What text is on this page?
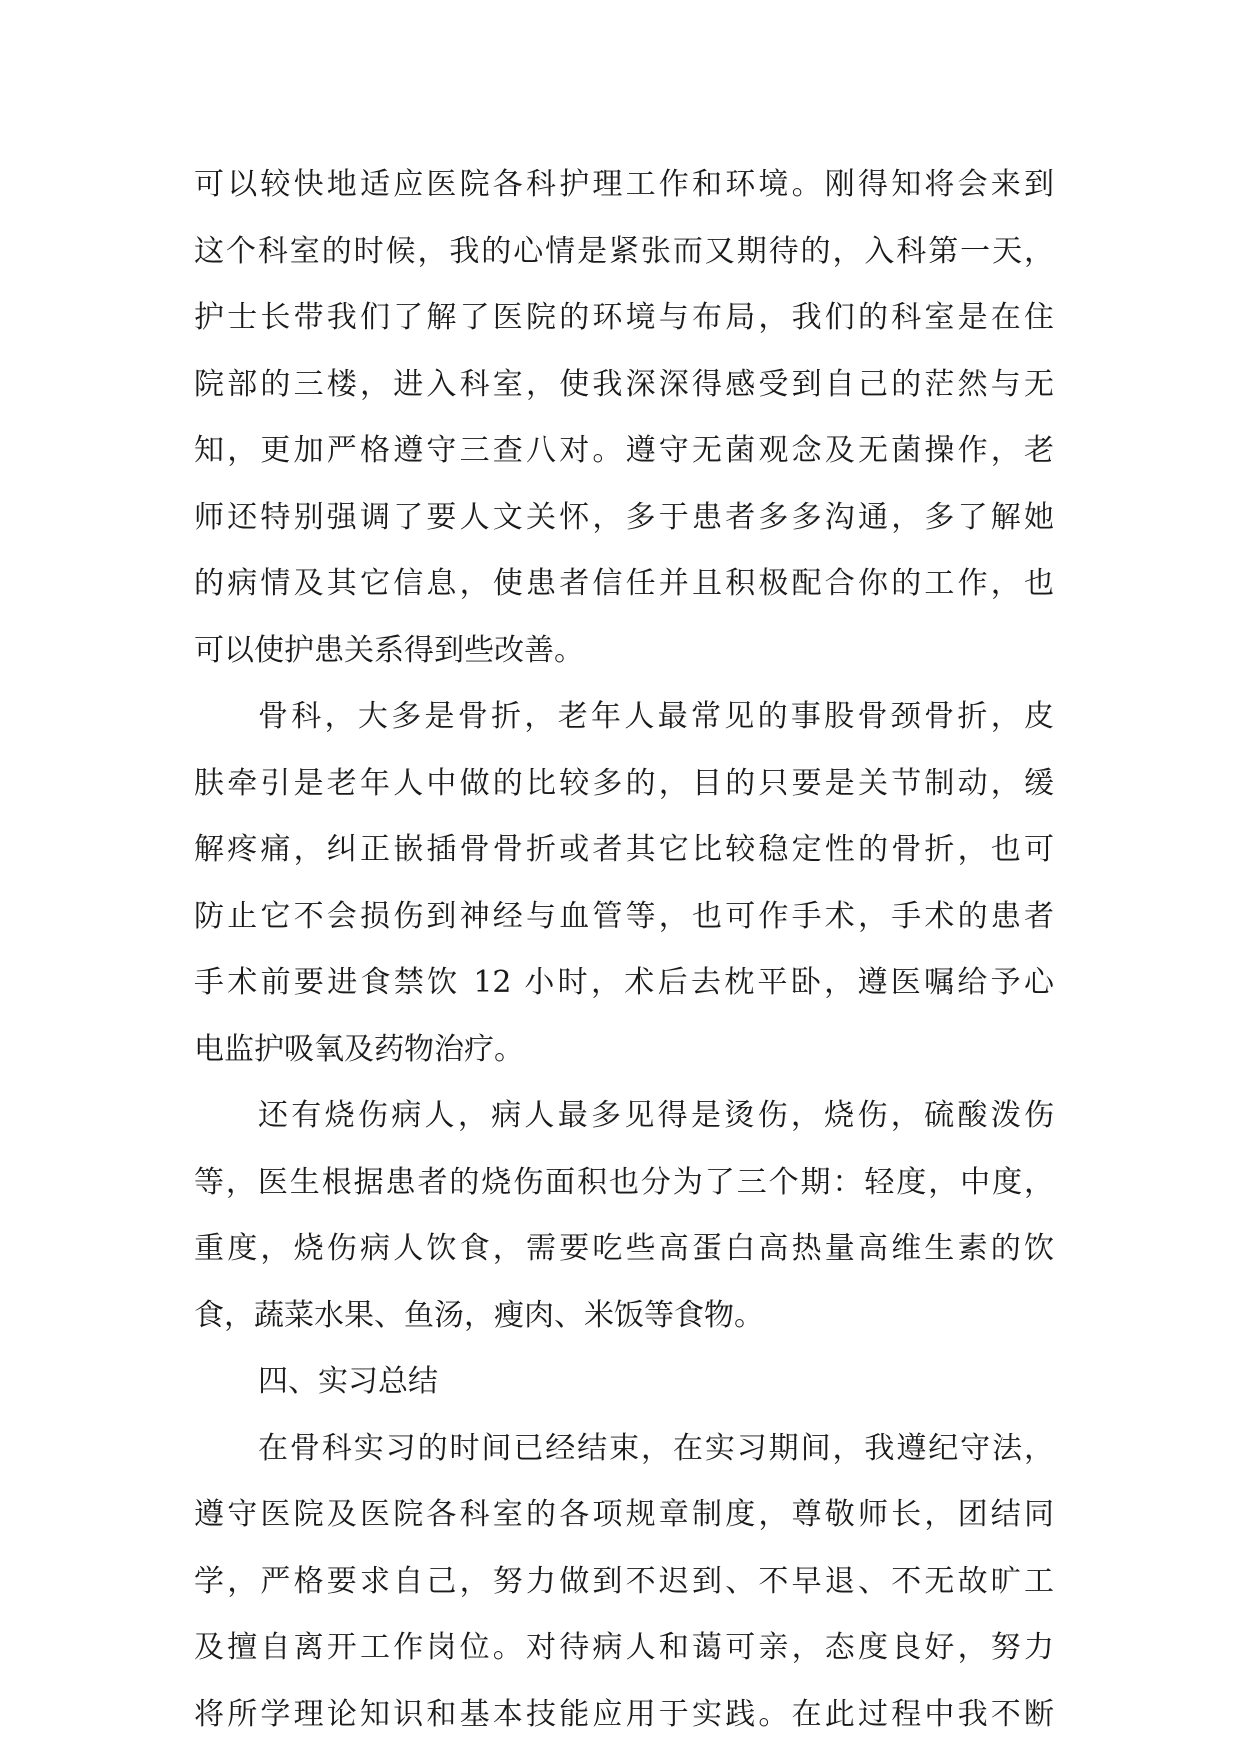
可以较快地适应医院各科护理工作和环境。刚得知将会来到
这个科室的时候，我的心情是紧张而又期待的，入科第一天，
护士长带我们了解了医院的环境与布局，我们的科室是在住
院部的三楼，进入科室，使我深深得感受到自己的茫然与无
知，更加严格遵守三查八对。遵守无菌观念及无菌操作，老
师还特别强调了要人文关怀，多于患者多多沟通，多了解她
的病情及其它信息，使患者信任并且积极配合你的工作，也
可以使护患关系得到些改善。
骨科，大多是骨折，老年人最常见的事股骨颈骨折，皮
肤牵引是老年人中做的比较多的，目的只要是关节制动，缓
解疼痛，纠正嵌插骨骨折或者其它比较稳定性的骨折，也可
防止它不会损伤到神经与血管等，也可作手术，手术的患者
手术前要进食禁饮 12 小时，术后去枕平卧，遵医嘱给予心
电监护吸氧及药物治疗。
还有烧伤病人，病人最多见得是烫伤，烧伤，硫酸泼伤
等，医生根据患者的烧伤面积也分为了三个期：轻度，中度，
重度，烧伤病人饮食，需要吃些高蛋白高热量高维生素的饮
食，蔬菜水果、鱼汤，瘦肉、米饭等食物。
四、实习总结
在骨科实习的时间已经结束，在实习期间，我遵纪守法，
遵守医院及医院各科室的各项规章制度，尊敬师长，团结同
学，严格要求自己，努力做到不迟到、不早退、不无故旷工
及擅自离开工作岗位。对待病人和蔼可亲，态度良好，努力
将所学理论知识和基本技能应用于实践。在此过程中我不断
